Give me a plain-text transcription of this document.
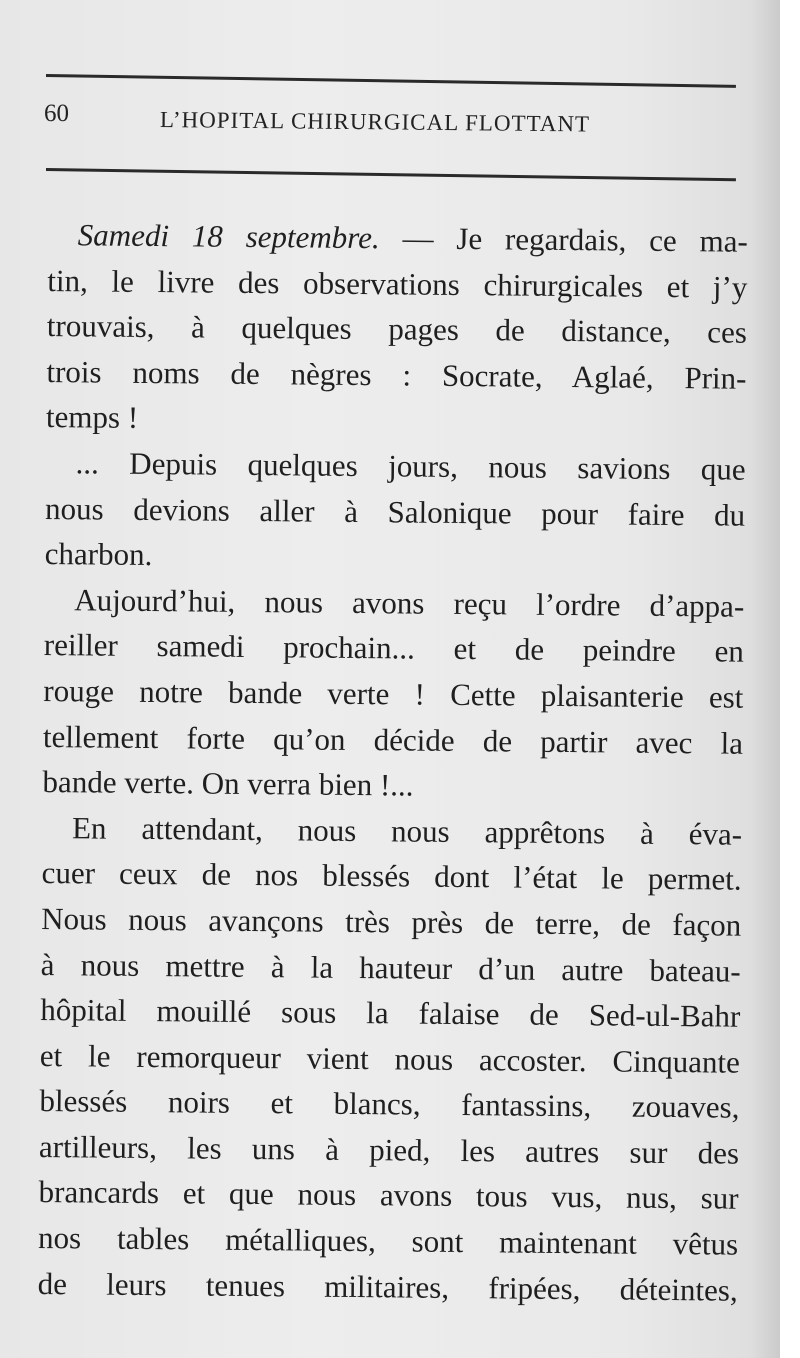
60	L’HOPITAL CHIRURGICAL FLOTTANT
Samedi 18 septembre. — Je regardais, ce ma-
tin, le livre des observations chirurgicales et j’y
trouvais, à quelques pages de distance, ces
trois noms de nègres : Socrate, Aglaé, Prin-
temps !
... Depuis quelques jours, nous savions que
nous devions aller à Salonique pour faire du
charbon.
Aujourd’hui, nous avons reçu l’ordre d’appa-
reiller samedi prochain... et de peindre en
rouge notre bande verte ! Cette plaisanterie est
tellement forte qu’on décide de partir avec la
bande verte. On verra bien !...
En attendant, nous nous apprêtons à éva-
cuer ceux de nos blessés dont l’état le permet.
Nous nous avançons très près de terre, de façon
à nous mettre à la hauteur d’un autre bateau-
hôpital mouillé sous la falaise de Sed-ul-Bahr
et le remorqueur vient nous accoster. Cinquante
blessés noirs et blancs, fantassins, zouaves,
artilleurs, les uns à pied, les autres sur des
brancards et que nous avons tous vus, nus, sur
nos tables métalliques, sont maintenant vêtus
de leurs tenues militaires, fripées, déteintes,
